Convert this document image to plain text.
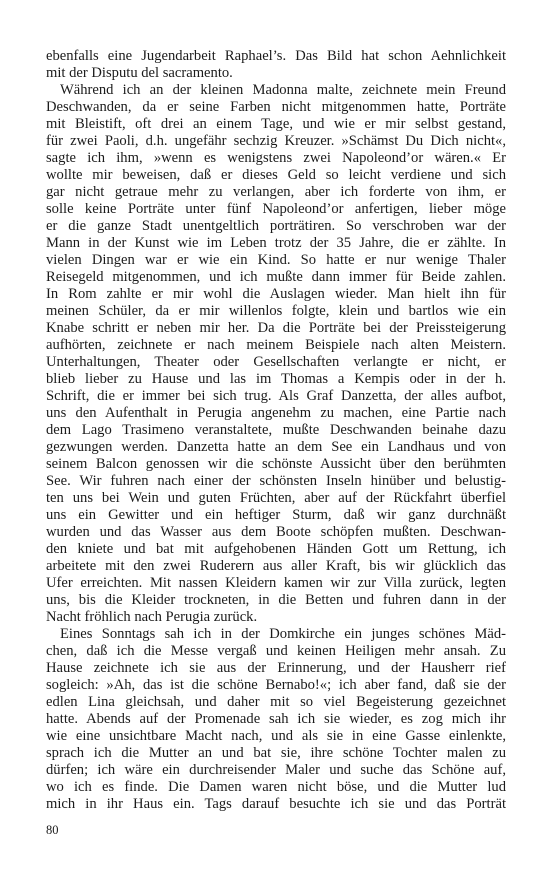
ebenfalls eine Jugendarbeit Raphael’s. Das Bild hat schon Aehnlichkeit
mit der Disputu del sacramento.
Während ich an der kleinen Madonna malte, zeichnete mein Freund
Deschwanden, da er seine Farben nicht mitgenommen hatte, Porträte
mit Bleistift, oft drei an einem Tage, und wie er mir selbst gestand,
für zwei Paoli, d.h. ungefähr sechzig Kreuzer. »Schämst Du Dich nicht«,
sagte ich ihm, »wenn es wenigstens zwei Napoleond’or wären.« Er
wollte mir beweisen, daß er dieses Geld so leicht verdiene und sich
gar nicht getraue mehr zu verlangen, aber ich forderte von ihm, er
solle keine Porträte unter fünf Napoleond’or anfertigen, lieber möge
er die ganze Stadt unentgeltlich porträtiren. So verschroben war der
Mann in der Kunst wie im Leben trotz der 35 Jahre, die er zählte. In
vielen Dingen war er wie ein Kind. So hatte er nur wenige Thaler
Reisegeld mitgenommen, und ich mußte dann immer für Beide zahlen.
In Rom zahlte er mir wohl die Auslagen wieder. Man hielt ihn für
meinen Schüler, da er mir willenlos folgte, klein und bartlos wie ein
Knabe schritt er neben mir her. Da die Porträte bei der Preissteigerung
aufhörten, zeichnete er nach meinem Beispiele nach alten Meistern.
Unterhaltungen, Theater oder Gesellschaften verlangte er nicht, er
blieb lieber zu Hause und las im Thomas a Kempis oder in der h.
Schrift, die er immer bei sich trug. Als Graf Danzetta, der alles aufbot,
uns den Aufenthalt in Perugia angenehm zu machen, eine Partie nach
dem Lago Trasimeno veranstaltete, mußte Deschwanden beinahe dazu
gezwungen werden. Danzetta hatte an dem See ein Landhaus und von
seinem Balcon genossen wir die schönste Aussicht über den berühmten
See. Wir fuhren nach einer der schönsten Inseln hinüber und belustig-
ten uns bei Wein und guten Früchten, aber auf der Rückfahrt überfiel
uns ein Gewitter und ein heftiger Sturm, daß wir ganz durchnäßt
wurden und das Wasser aus dem Boote schöpfen mußten. Deschwan-
den kniete und bat mit aufgehobenen Händen Gott um Rettung, ich
arbeitete mit den zwei Ruderern aus aller Kraft, bis wir glücklich das
Ufer erreichten. Mit nassen Kleidern kamen wir zur Villa zurück, legten
uns, bis die Kleider trockneten, in die Betten und fuhren dann in der
Nacht fröhlich nach Perugia zurück.
Eines Sonntags sah ich in der Domkirche ein junges schönes Mäd-
chen, daß ich die Messe vergaß und keinen Heiligen mehr ansah. Zu
Hause zeichnete ich sie aus der Erinnerung, und der Hausherr rief
sogleich: »Ah, das ist die schöne Bernabo!«; ich aber fand, daß sie der
edlen Lina gleichsah, und daher mit so viel Begeisterung gezeichnet
hatte. Abends auf der Promenade sah ich sie wieder, es zog mich ihr
wie eine unsichtbare Macht nach, und als sie in eine Gasse einlenkte,
sprach ich die Mutter an und bat sie, ihre schöne Tochter malen zu
dürfen; ich wäre ein durchreisender Maler und suche das Schöne auf,
wo ich es finde. Die Damen waren nicht böse, und die Mutter lud
mich in ihr Haus ein. Tags darauf besuchte ich sie und das Porträt
80
